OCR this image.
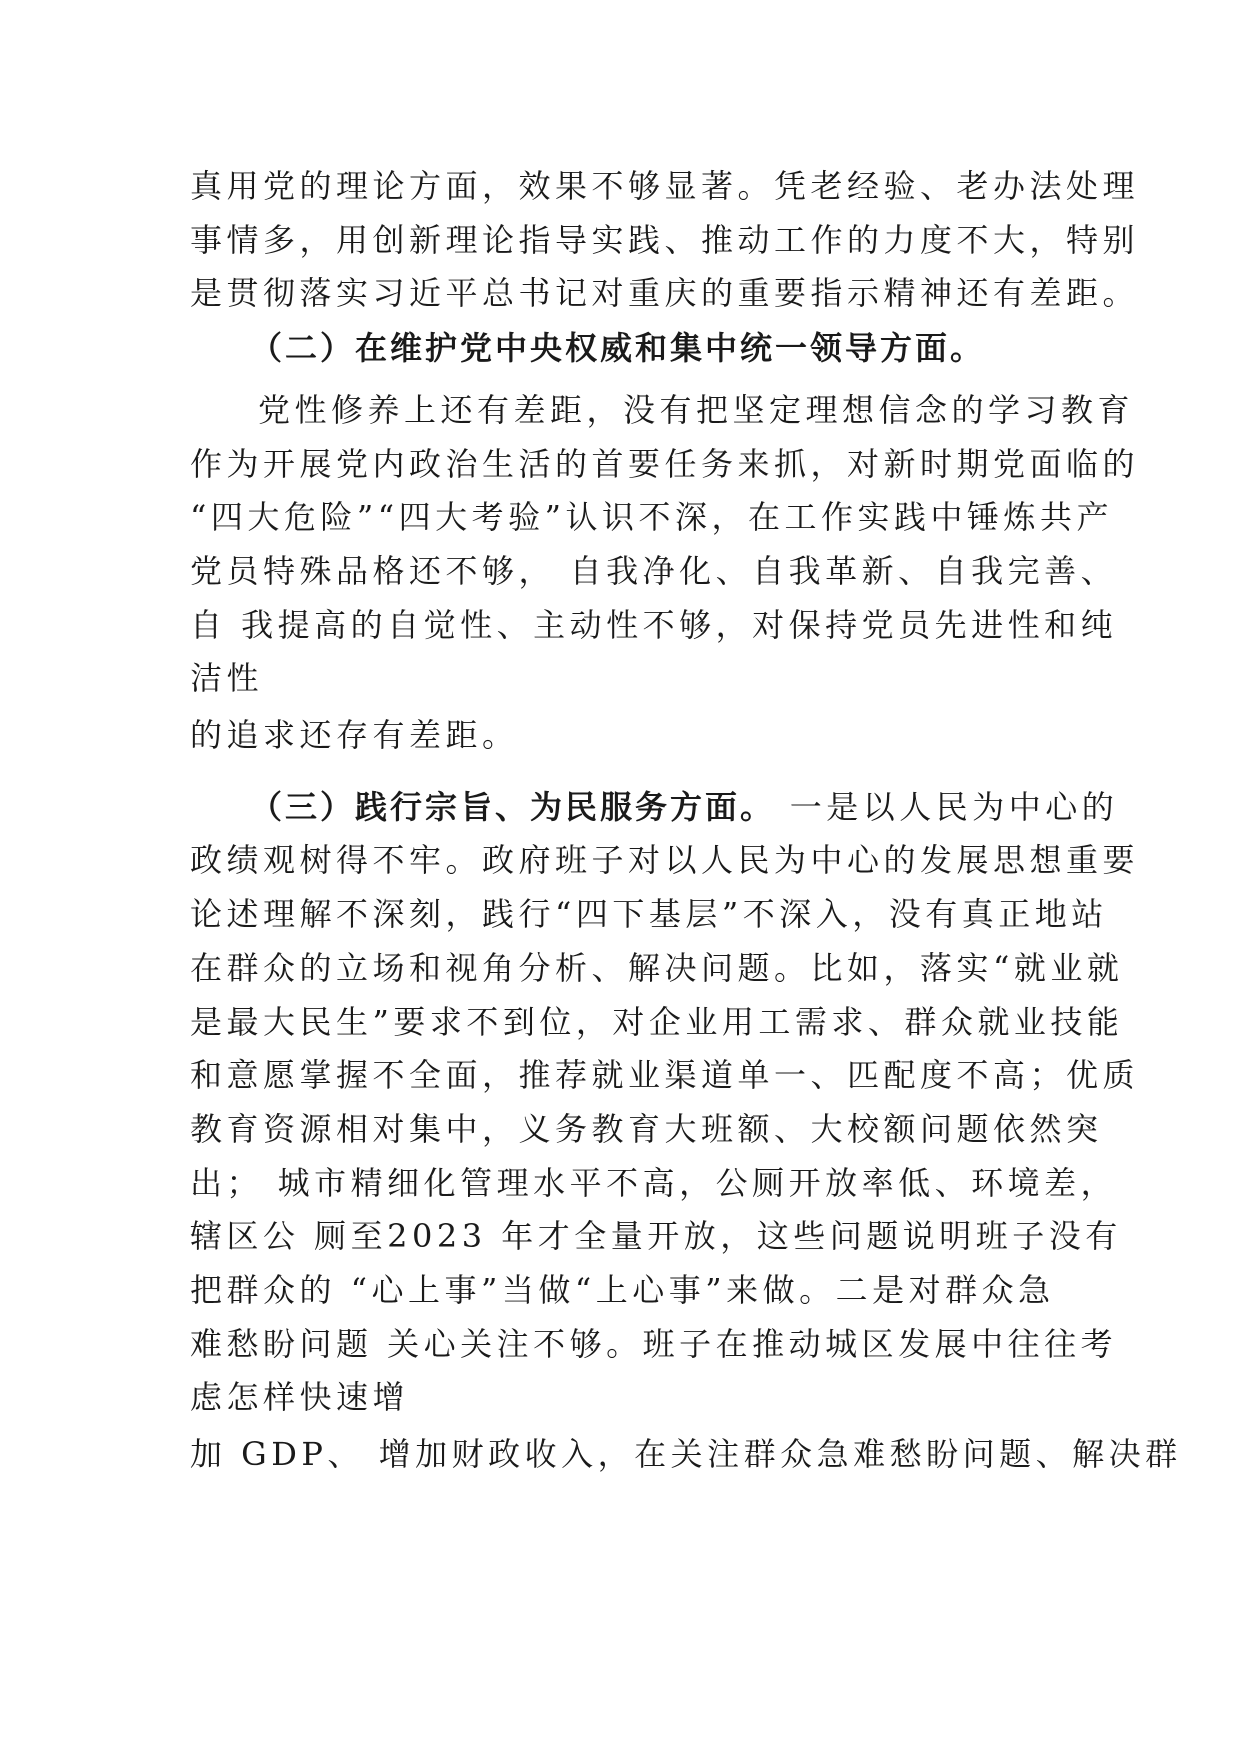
真用党的理论方面，效果不够显著。凭老经验、老办法处理
事情多，用创新理论指导实践、推动工作的力度不大，特别
是贯彻落实习近平总书记对重庆的重要指示精神还有差距。
（二）在维护党中央权威和集中统一领导方面。
党性修养上还有差距，没有把坚定理想信念的学习教育
作为开展党内政治生活的首要任务来抓，对新时期党面临的
“四大危险”“四大考验”认识不深，在工作实践中锤炼共产
党员特殊品格还不够， 自我净化、自我革新、自我完善、
自 我提高的自觉性、主动性不够，对保持党员先进性和纯
洁性
的追求还存有差距。
（三）践行宗旨、为民服务方面。 一是以人民为中心的
政绩观树得不牢。政府班子对以人民为中心的发展思想重要
论述理解不深刻，践行“四下基层”不深入，没有真正地站
在群众的立场和视角分析、解决问题。比如，落实“就业就
是最大民生”要求不到位，对企业用工需求、群众就业技能
和意愿掌握不全面，推荐就业渠道单一、匹配度不高；优质
教育资源相对集中，义务教育大班额、大校额问题依然突
出； 城市精细化管理水平不高，公厕开放率低、环境差，
辖区公 厕至2023 年才全量开放，这些问题说明班子没有
把群众的 “心上事”当做“上心事”来做。二是对群众急
难愁盼问题 关心关注不够。班子在推动城区发展中往往考
虑怎样快速增
加 GDP、 增加财政收入，在关注群众急难愁盼问题、解决群
